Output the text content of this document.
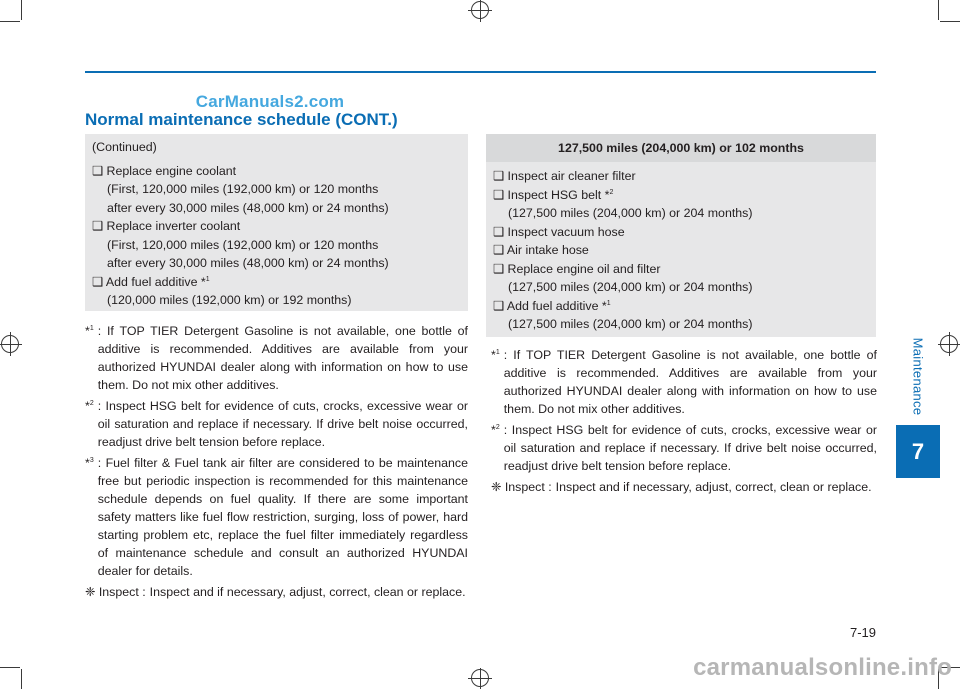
CarManuals2.com
Normal maintenance schedule (CONT.)
(Continued)
❑ Replace engine coolant
(First, 120,000 miles (192,000 km) or 120 months
after every 30,000 miles (48,000 km) or 24 months)
❑ Replace inverter coolant
(First, 120,000 miles (192,000 km) or 120 months
after every 30,000 miles (48,000 km) or 24 months)
❑ Add fuel additive *$^1$
(120,000 miles (192,000 km) or 192 months)
127,500 miles (204,000 km) or 102 months
❑ Inspect air cleaner filter
❑ Inspect HSG belt *$^2$
(127,500 miles (204,000 km) or 204 months)
❑ Inspect vacuum hose
❑ Air intake hose
❑ Replace engine oil and filter
(127,500 miles (204,000 km) or 204 months)
❑ Add fuel additive *$^1$
(127,500 miles (204,000 km) or 204 months)
*$^1$ : If TOP TIER Detergent Gasoline is not available, one bottle of additive is recommended. Additives are available from your authorized HYUNDAI dealer along with information on how to use them. Do not mix other additives.
*$^2$ : Inspect HSG belt for evidence of cuts, crocks, excessive wear or oil saturation and replace if necessary. If drive belt noise occurred, readjust drive belt tension before replace.
*$^3$ : Fuel filter & Fuel tank air filter are considered to be maintenance free but periodic inspection is recommended for this maintenance schedule depends on fuel quality. If there are some important safety matters like fuel flow restriction, surging, loss of power, hard starting problem etc, replace the fuel filter immediately regardless of maintenance schedule and consult an authorized HYUNDAI dealer for details.
❈ Inspect : Inspect and if necessary, adjust, correct, clean or replace.
*$^1$ : If TOP TIER Detergent Gasoline is not available, one bottle of additive is recommended. Additives are available from your authorized HYUNDAI dealer along with information on how to use them. Do not mix other additives.
*$^2$ : Inspect HSG belt for evidence of cuts, crocks, excessive wear or oil saturation and replace if necessary. If drive belt noise occurred, readjust drive belt tension before replace.
❈ Inspect : Inspect and if necessary, adjust, correct, clean or replace.
Maintenance
7
7-19
carmanualsonline.info
